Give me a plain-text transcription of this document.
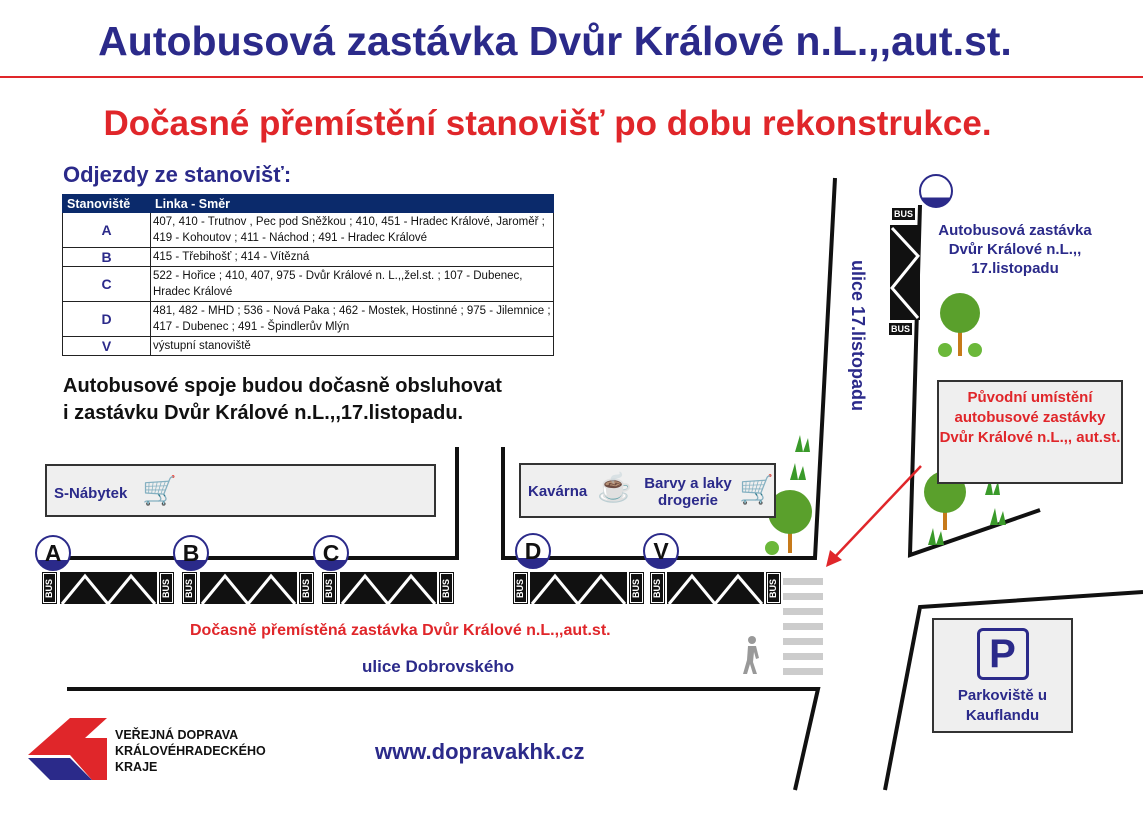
Autobusová zastávka Dvůr Králové n.L.,,aut.st.
Dočasné přemístění stanovišť po dobu rekonstrukce.
Odjezdy ze stanovišť:
Stanoviště	Linka - Směr
A	407, 410 - Trutnov , Pec pod Sněžkou ; 410, 451 - Hradec Králové, Jaroměř ; 419 - Kohoutov ; 411 - Náchod ; 491 - Hradec Králové
B	415 - Třebihošť ; 414 - Vítězná
C	522 - Hořice ; 410, 407, 975 - Dvůr Králové n. L.,,žel.st. ; 107 - Dubenec, Hradec Králové
D	481, 482 - MHD ; 536 - Nová Paka ; 462 - Mostek, Hostinné ; 975 - Jilemnice ; 417 - Dubenec ; 491 - Špindlerův Mlýn
V	výstupní stanoviště
Autobusové spoje budou dočasně obsluhovat
i zastávku Dvůr Králové n.L.,,17.listopadu.
BUS	BUS BUS	BUS BUS	BUS	BUS	BUS BUS	BUS
BUS
BUS
A	B	C	D	V
S-Nábytek 🛒	Kavárna ☕ Barvy a laky drogerie 🛒
Dočasně přemístěná zastávka Dvůr Králové n.L.,,aut.st.
ulice Dobrovského
ulice 17.listopadu
Autobusová zastávka Dvůr Králové n.L.,, 17.listopadu
Původní umístění autobusové zastávky Dvůr Králové n.L.,, aut.st.
P
Parkoviště u Kauflandu
VEŘEJNÁ DOPRAVA
KRÁLOVÉHRADECKÉHO
KRAJE
www.dopravakhk.cz
